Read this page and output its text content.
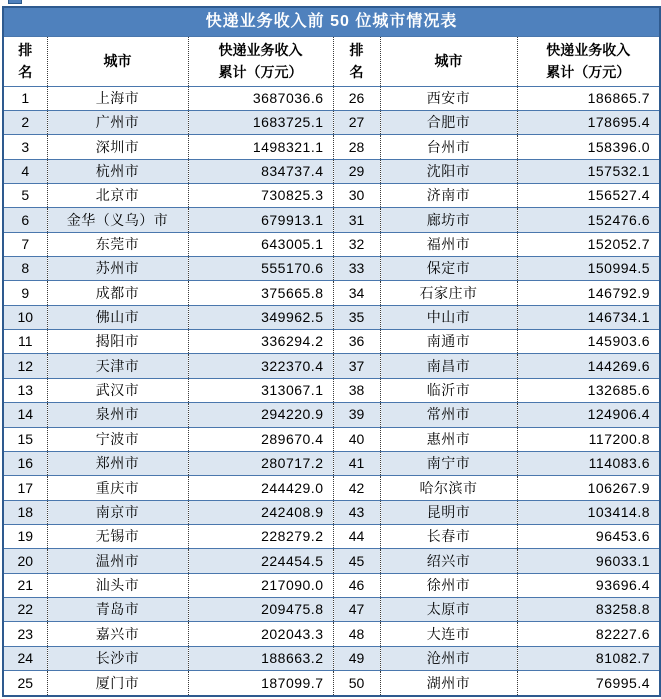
快递业务收入前 50 位城市情况表					
排名	城市	快递业务收入累计（万元）	排名	城市	快递业务收入累计（万元）
1	上海市	3687036.6	26	西安市	186865.7
2	广州市	1683725.1	27	合肥市	178695.4
3	深圳市	1498321.1	28	台州市	158396.0
4	杭州市	834737.4	29	沈阳市	157532.1
5	北京市	730825.3	30	济南市	156527.4
6	金华（义乌）市	679913.1	31	廊坊市	152476.6
7	东莞市	643005.1	32	福州市	152052.7
8	苏州市	555170.6	33	保定市	150994.5
9	成都市	375665.8	34	石家庄市	146792.9
10	佛山市	349962.5	35	中山市	146734.1
11	揭阳市	336294.2	36	南通市	145903.6
12	天津市	322370.4	37	南昌市	144269.6
13	武汉市	313067.1	38	临沂市	132685.6
14	泉州市	294220.9	39	常州市	124906.4
15	宁波市	289670.4	40	惠州市	117200.8
16	郑州市	280717.2	41	南宁市	114083.6
17	重庆市	244429.0	42	哈尔滨市	106267.9
18	南京市	242408.9	43	昆明市	103414.8
19	无锡市	228279.2	44	长春市	96453.6
20	温州市	224454.5	45	绍兴市	96033.1
21	汕头市	217090.0	46	徐州市	93696.4
22	青岛市	209475.8	47	太原市	83258.8
23	嘉兴市	202043.3	48	大连市	82227.6
24	长沙市	188663.2	49	沧州市	81082.7
25	厦门市	187099.7	50	湖州市	76995.4
